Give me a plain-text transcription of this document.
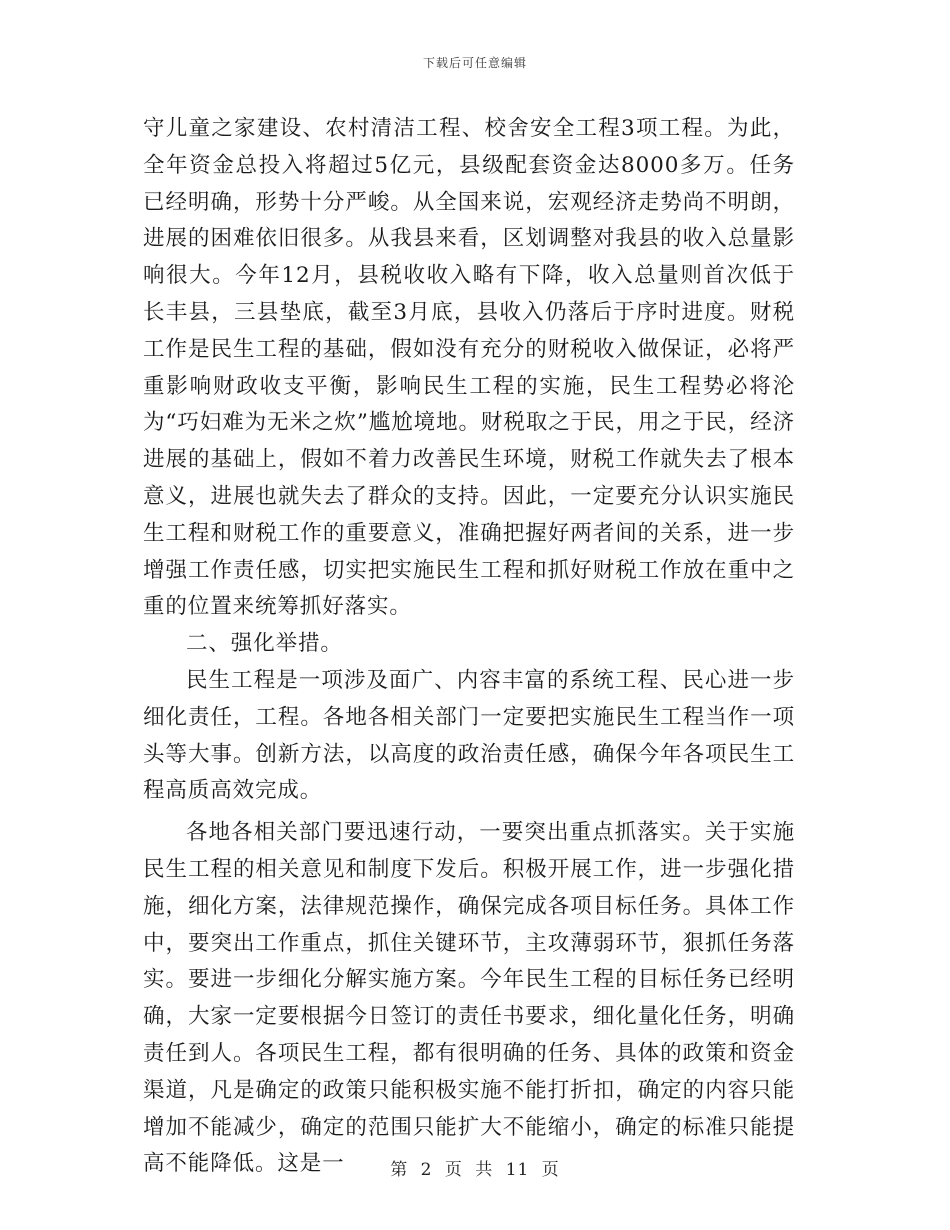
下载后可任意编辑

守儿童之家建设、农村清洁工程、校舍安全工程3项工程。为此，全年资金总投入将超过5亿元，县级配套资金达8000多万。任务已经明确，形势十分严峻。从全国来说，宏观经济走势尚不明朗，进展的困难依旧很多。从我县来看，区划调整对我县的收入总量影响很大。今年12月，县税收收入略有下降，收入总量则首次低于长丰县，三县垫底，截至3月底，县收入仍落后于序时进度。财税工作是民生工程的基础，假如没有充分的财税收入做保证，必将严重影响财政收支平衡，影响民生工程的实施，民生工程势必将沦为“巧妇难为无米之炊”尴尬境地。财税取之于民，用之于民，经济进展的基础上，假如不着力改善民生环境，财税工作就失去了根本意义，进展也就失去了群众的支持。因此，一定要充分认识实施民生工程和财税工作的重要意义，准确把握好两者间的关系，进一步增强工作责任感，切实把实施民生工程和抓好财税工作放在重中之重的位置来统筹抓好落实。

二、强化举措。

民生工程是一项涉及面广、内容丰富的系统工程、民心进一步细化责任，工程。各地各相关部门一定要把实施民生工程当作一项头等大事。创新方法，以高度的政治责任感，确保今年各项民生工程高质高效完成。

各地各相关部门要迅速行动，一要突出重点抓落实。关于实施民生工程的相关意见和制度下发后。积极开展工作，进一步强化措施，细化方案，法律规范操作，确保完成各项目标任务。具体工作中，要突出工作重点，抓住关键环节，主攻薄弱环节，狠抓任务落实。要进一步细化分解实施方案。今年民生工程的目标任务已经明确，大家一定要根据今日签订的责任书要求，细化量化任务，明确责任到人。各项民生工程，都有很明确的任务、具体的政策和资金渠道，凡是确定的政策只能积极实施不能打折扣，确定的内容只能增加不能减少，确定的范围只能扩大不能缩小，确定的标准只能提高不能降低。这是一	第 2 页 共 11 页
